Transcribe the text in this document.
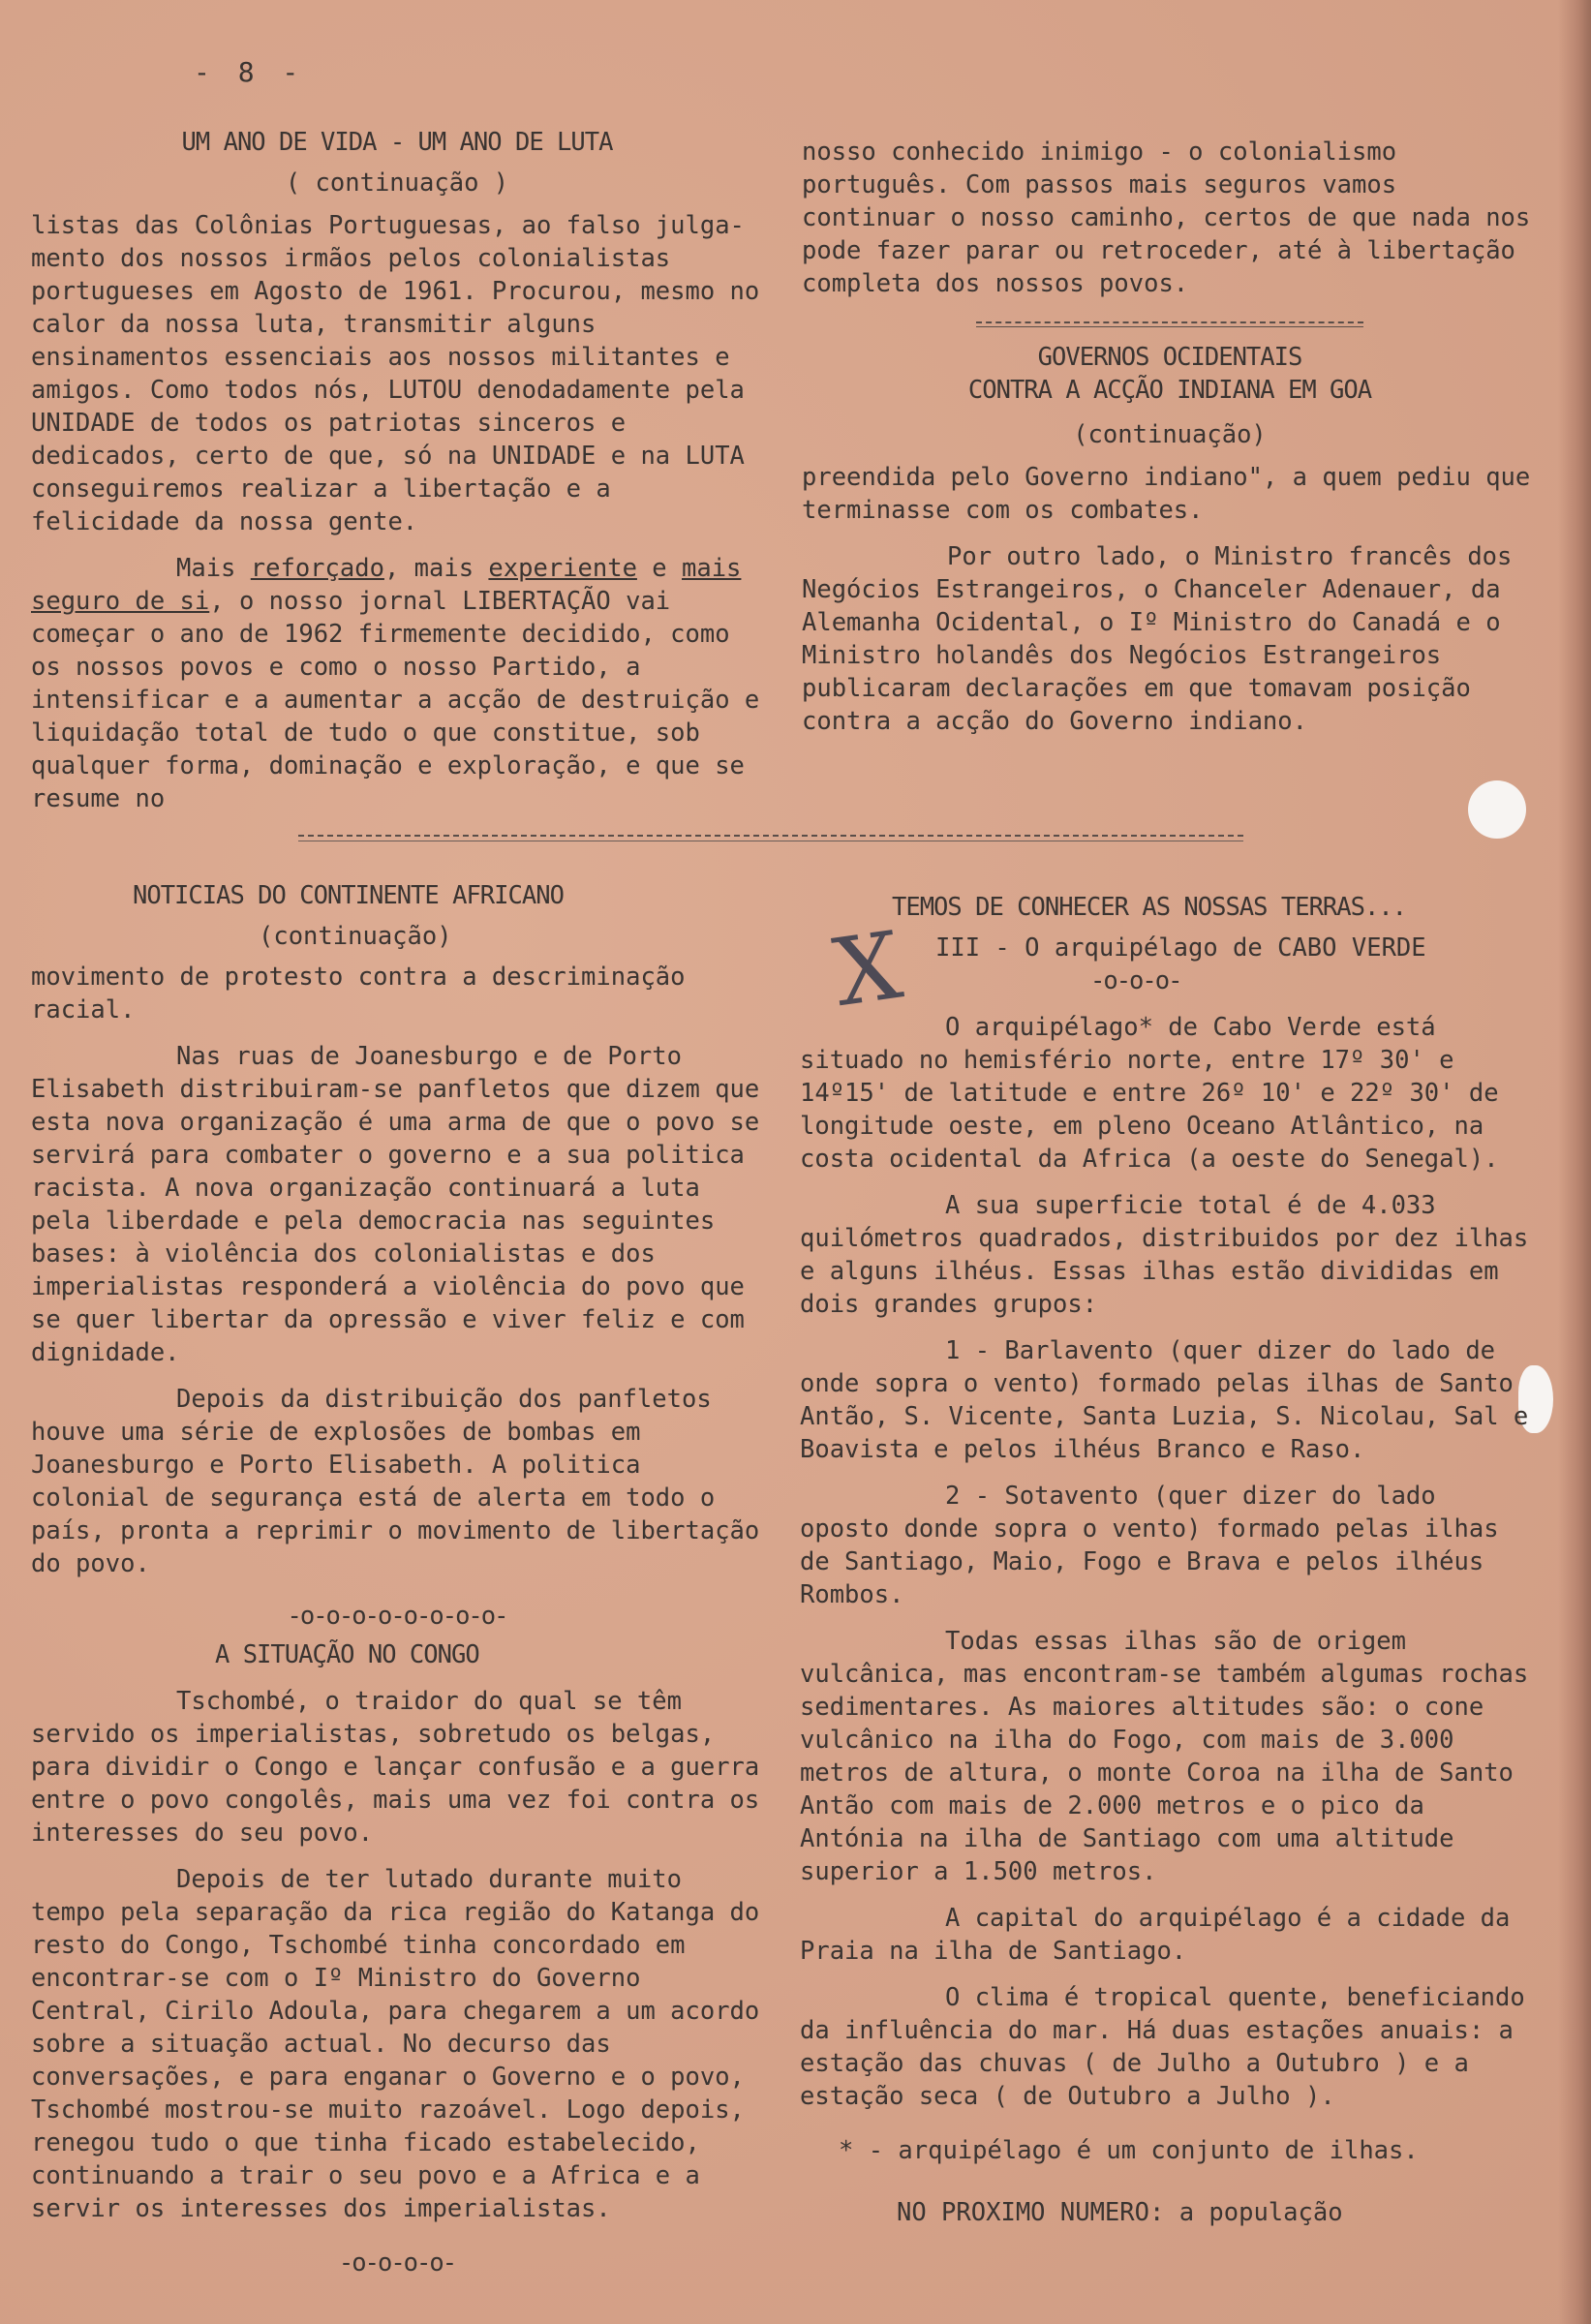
- 8 -
UM ANO DE VIDA - UM ANO DE LUTA
( continuação )

listas das Colônias Portuguesas, ao falso julga-mento dos nossos irmãos pelos colonialistas portugueses em Agosto de 1961. Procurou, mesmo no calor da nossa luta, transmitir alguns ensinamentos essenciais aos nossos militantes e amigos. Como todos nós, LUTOU denodadamente pela UNIDADE de todos os patriotas sinceros e dedicados, certo de que, só na UNIDADE e na LUTA conseguiremos realizar a libertação e a felicidade da nossa gente.

Mais reforçado, mais experiente e mais seguro de si, o nosso jornal LIBERTAÇÃO vai começar o ano de 1962 firmemente decidido, como os nossos povos e como o nosso Partido, a intensificar e a aumentar a acção de destruição e liquidação total de tudo o que constitue, sob qualquer forma, dominação e exploração, e que se resume no

nosso conhecido inimigo - o colonialismo português. Com passos mais seguros vamos continuar o nosso caminho, certos de que nada nos pode fazer parar ou retroceder, até à libertação completa dos nossos povos.

GOVERNOS OCIDENTAIS
CONTRA A ACÇÃO INDIANA EM GOA
(continuação)

preendida pelo Governo indiano", a quem pediu que terminasse com os combates.

Por outro lado, o Ministro francês dos Negócios Estrangeiros, o Chanceler Adenauer, da Alemanha Ocidental, o Iº Ministro do Canadá e o Ministro holandês dos Negócios Estrangeiros publicaram declarações em que tomavam posição contra a acção do Governo indiano.

NOTICIAS DO CONTINENTE AFRICANO
(continuação)

movimento de protesto contra a descriminação racial.

Nas ruas de Joanesburgo e de Porto Elisabeth distribuiram-se panfletos que dizem que esta nova organização é uma arma de que o povo se servirá para combater o governo e a sua politica racista. A nova organização continuará a luta pela liberdade e pela democracia nas seguintes bases: à violência dos colonialistas e dos imperialistas responderá a violência do povo que se quer libertar da opressão e viver feliz e com dignidade.

Depois da distribuição dos panfletos houve uma série de explosões de bombas em Joanesburgo e Porto Elisabeth. A politica colonial de segurança está de alerta em todo o país, pronta a reprimir o movimento de libertação do povo.

-o-o-o-o-o-o-o-o-
A SITUAÇÃO NO CONGO

Tschombé, o traidor do qual se têm servido os imperialistas, sobretudo os belgas, para dividir o Congo e lançar confusão e a guerra entre o povo congolês, mais uma vez foi contra os interesses do seu povo.

Depois de ter lutado durante muito tempo pela separação da rica região do Katanga do resto do Congo, Tschombé tinha concordado em encontrar-se com o Iº Ministro do Governo Central, Cirilo Adoula, para chegarem a um acordo sobre a situação actual. No decurso das conversações, e para enganar o Governo e o povo, Tschombé mostrou-se muito razoável. Logo depois, renegou tudo o que tinha ficado estabelecido, continuando a trair o seu povo e a Africa e a servir os interesses dos imperialistas.

-o-o-o-o-
X
TEMOS DE CONHECER AS NOSSAS TERRAS...
III - O arquipélago de CABO VERDE
-o-o-o-

O arquipélago* de Cabo Verde está situado no hemisfério norte, entre 17º 30' e 14º15' de latitude e entre 26º 10' e 22º 30' de longitude oeste, em pleno Oceano Atlântico, na costa ocidental da Africa (a oeste do Senegal).

A sua superficie total é de 4.033 quilómetros quadrados, distribuidos por dez ilhas e alguns ilhéus. Essas ilhas estão divididas em dois grandes grupos:

1 - Barlavento (quer dizer do lado de onde sopra o vento) formado pelas ilhas de Santo Antão, S. Vicente, Santa Luzia, S. Nicolau, Sal e Boavista e pelos ilhéus Branco e Raso.

2 - Sotavento (quer dizer do lado oposto donde sopra o vento) formado pelas ilhas de Santiago, Maio, Fogo e Brava e pelos ilhéus Rombos.

Todas essas ilhas são de origem vulcânica, mas encontram-se também algumas rochas sedimentares. As maiores altitudes são: o cone vulcânico na ilha do Fogo, com mais de 3.000 metros de altura, o monte Coroa na ilha de Santo Antão com mais de 2.000 metros e o pico da Antónia na ilha de Santiago com uma altitude superior a 1.500 metros.

A capital do arquipélago é a cidade da Praia na ilha de Santiago.

O clima é tropical quente, beneficiando da influência do mar. Há duas estações anuais: a estação das chuvas ( de Julho a Outubro ) e a estação seca ( de Outubro a Julho ).

* - arquipélago é um conjunto de ilhas.

NO PROXIMO NUMERO: a população
